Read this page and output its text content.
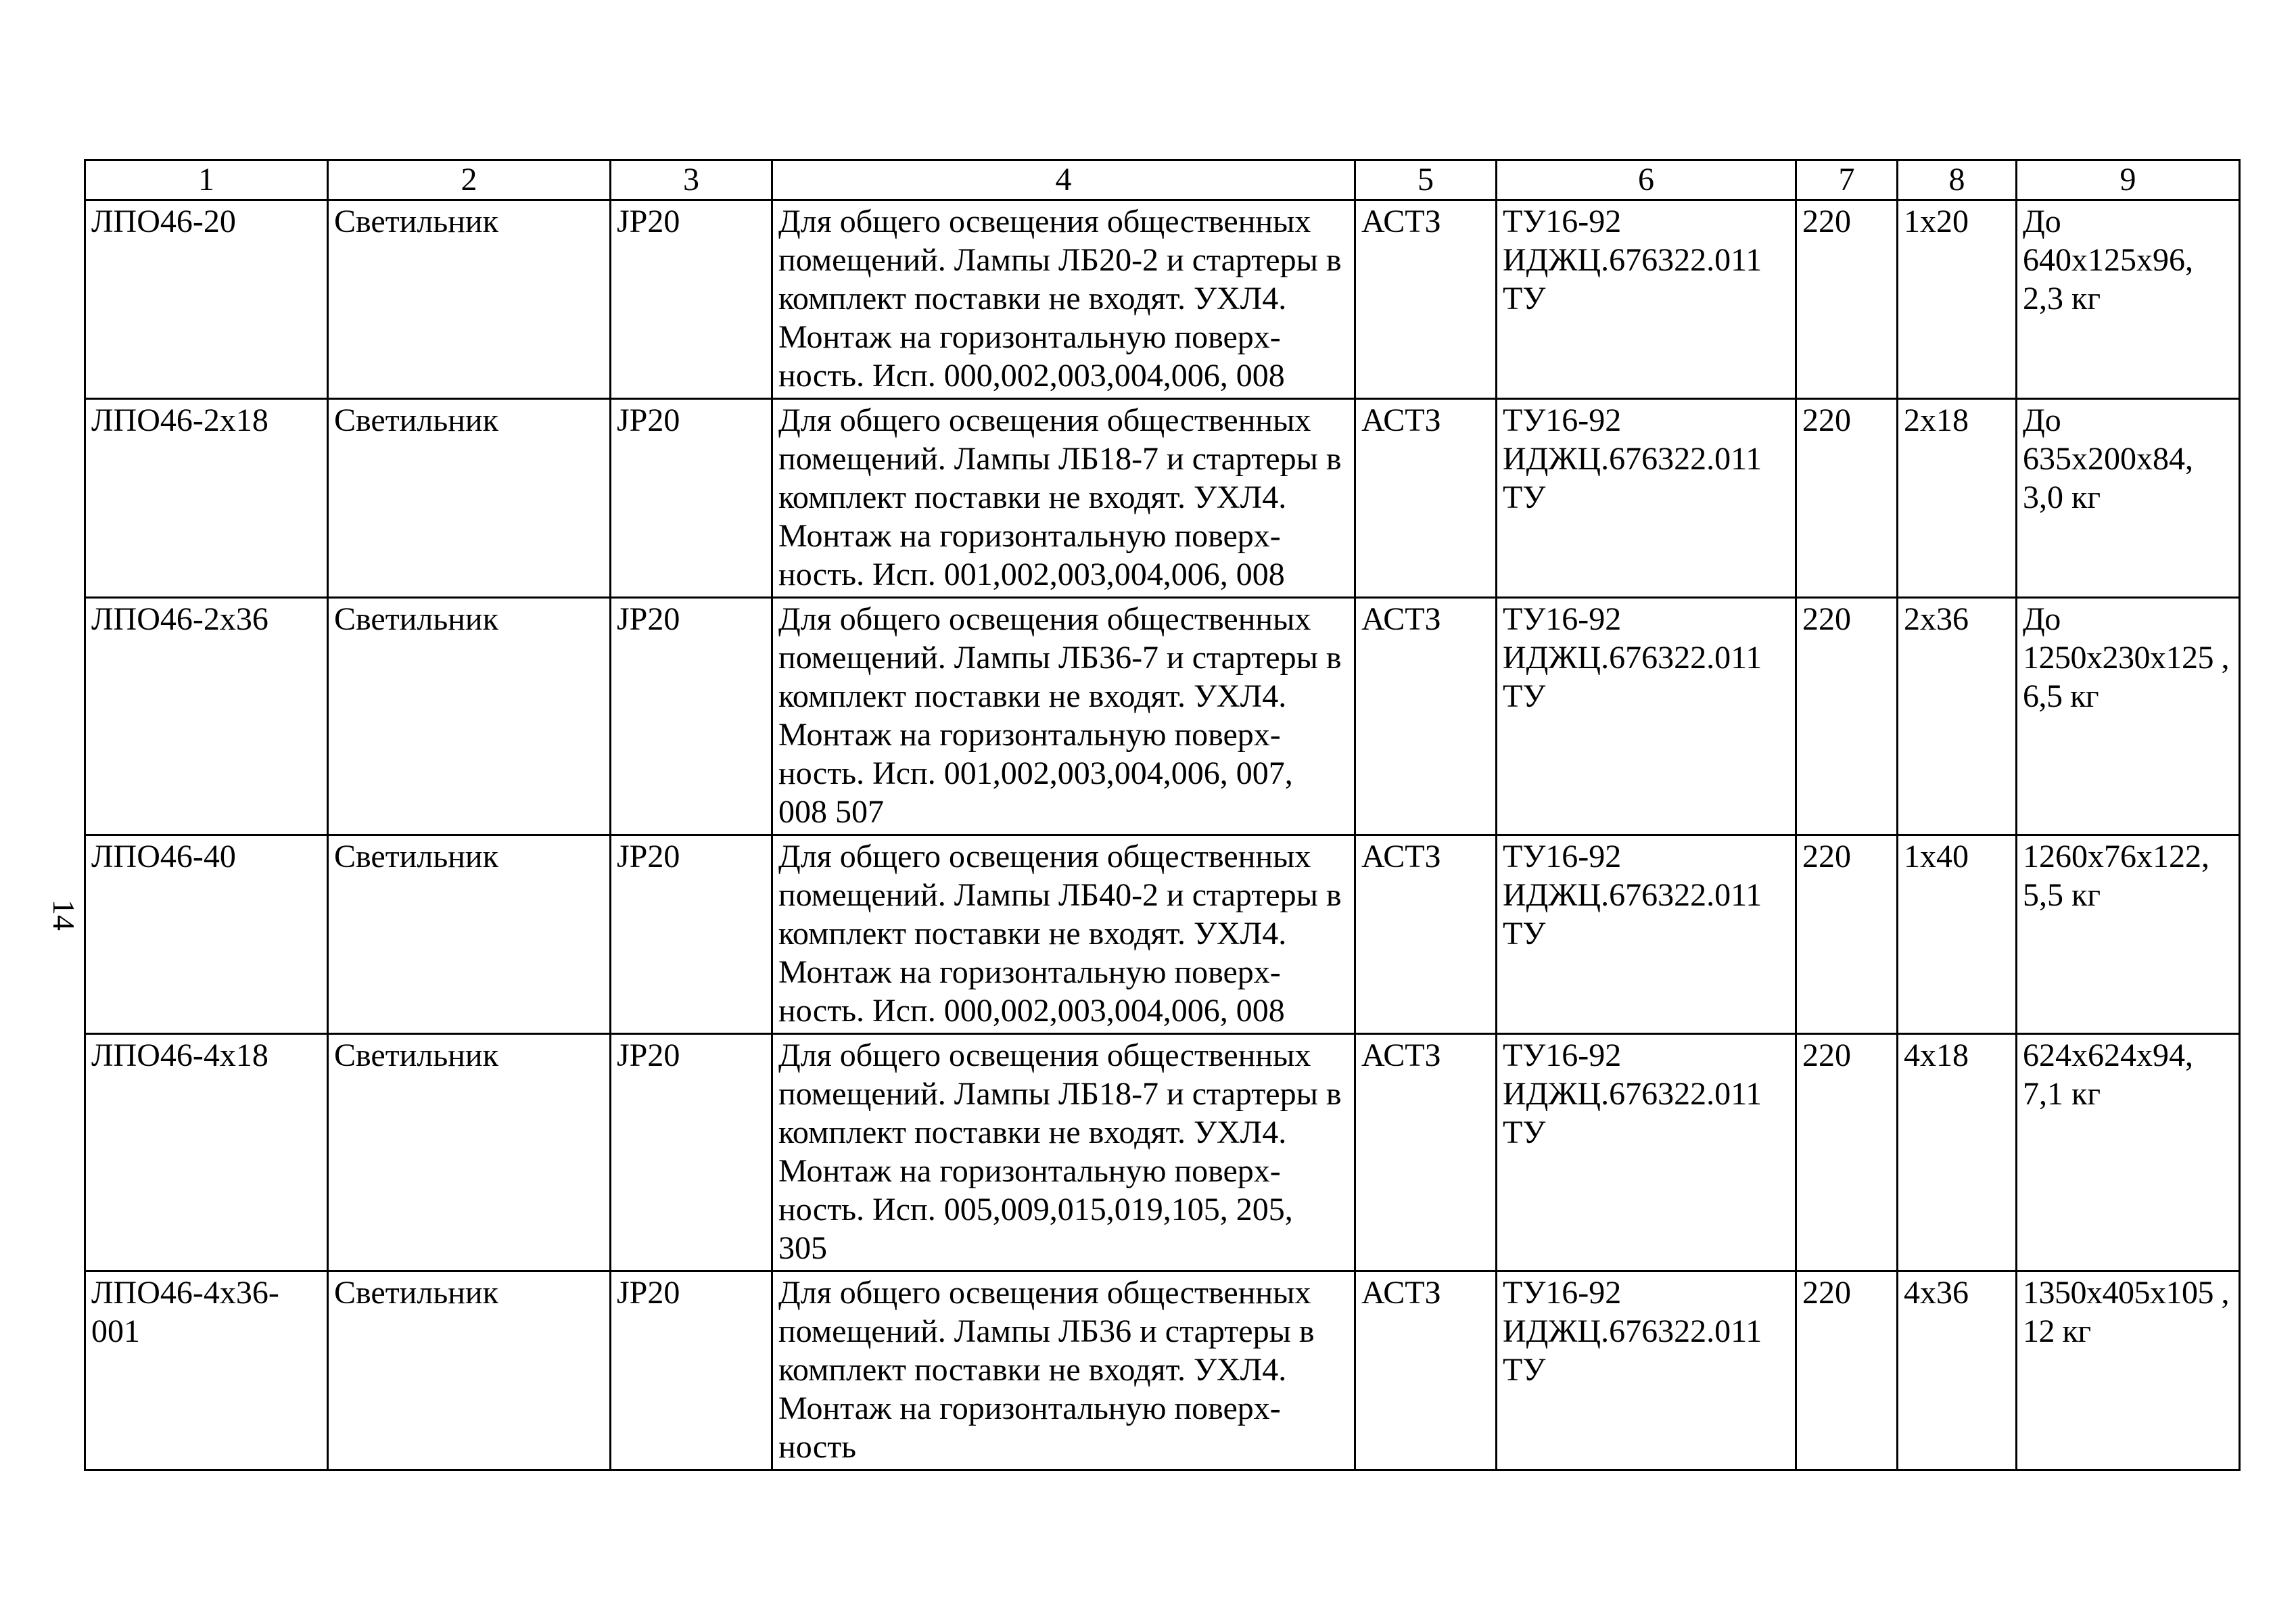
14
1	2	3	4	5	6	7	8	9
ЛПО46-20	Светильник	JP20	Для общего освещения общественных помещений. Лампы ЛБ20-2 и стартеры в комплект поставки не входят. УХЛ4. Монтаж на горизонтальную поверх-ность. Исп. 000,002,003,004,006, 008	АСТЗ	ТУ16-92 ИДЖЦ.676322.011 ТУ	220	1х20	До 640х125х96, 2,3 кг
ЛПО46-2х18	Светильник	JP20	Для общего освещения общественных помещений. Лампы ЛБ18-7 и стартеры в комплект поставки не входят. УХЛ4. Монтаж на горизонтальную поверх-ность. Исп. 001,002,003,004,006, 008	АСТЗ	ТУ16-92 ИДЖЦ.676322.011 ТУ	220	2х18	До 635х200х84, 3,0 кг
ЛПО46-2х36	Светильник	JP20	Для общего освещения общественных помещений. Лампы ЛБ36-7 и стартеры в комплект поставки не входят. УХЛ4. Монтаж на горизонтальную поверх-ность. Исп. 001,002,003,004,006, 007, 008 507	АСТЗ	ТУ16-92 ИДЖЦ.676322.011 ТУ	220	2х36	До 1250х230х125 , 6,5 кг
ЛПО46-40	Светильник	JP20	Для общего освещения общественных помещений. Лампы ЛБ40-2 и стартеры в комплект поставки не входят. УХЛ4. Монтаж на горизонтальную поверх-ность. Исп. 000,002,003,004,006, 008	АСТЗ	ТУ16-92 ИДЖЦ.676322.011 ТУ	220	1х40	1260х76х122, 5,5 кг
ЛПО46-4х18	Светильник	JP20	Для общего освещения общественных помещений. Лампы ЛБ18-7 и стартеры в комплект поставки не входят. УХЛ4. Монтаж на горизонтальную поверх-ность. Исп. 005,009,015,019,105, 205, 305	АСТЗ	ТУ16-92 ИДЖЦ.676322.011 ТУ	220	4х18	624х624х94, 7,1 кг
ЛПО46-4х36-001	Светильник	JP20	Для общего освещения общественных помещений. Лампы ЛБ36 и стартеры в комплект поставки не входят. УХЛ4. Монтаж на горизонтальную поверх-ность	АСТЗ	ТУ16-92 ИДЖЦ.676322.011 ТУ	220	4х36	1350х405х105 , 12 кг
